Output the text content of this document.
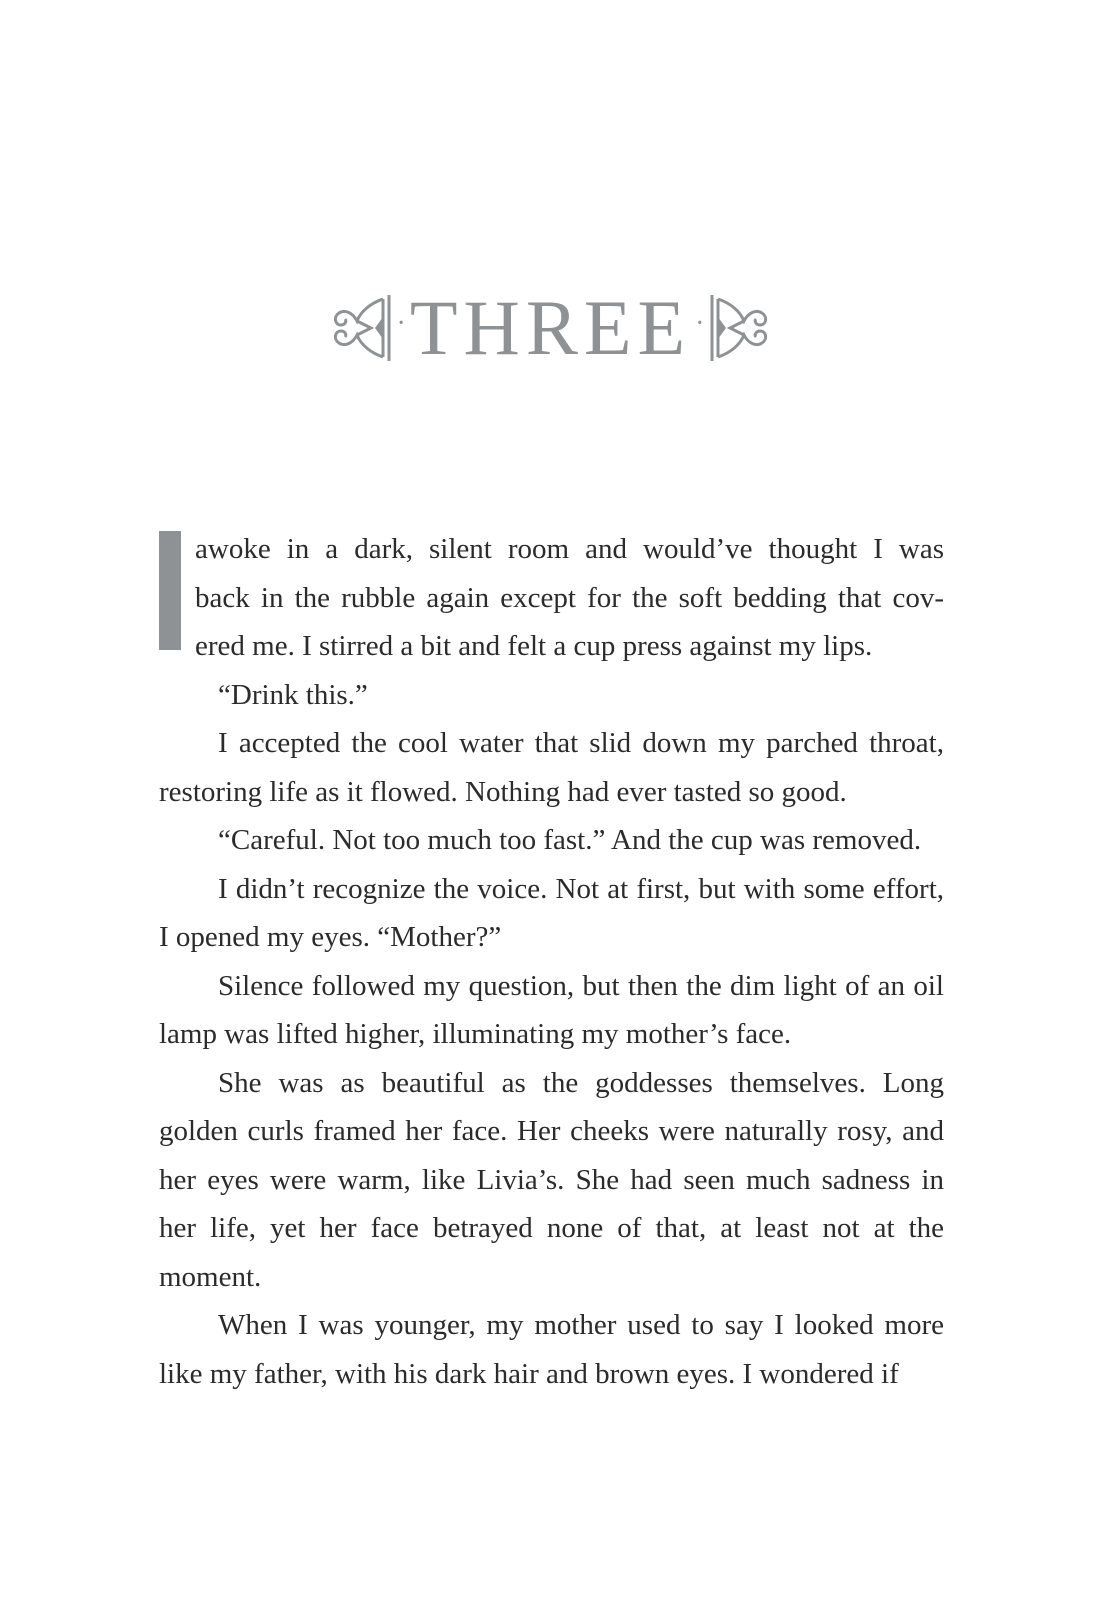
· THREE ·

awoke in a dark, silent room and would’ve thought I was
back in the rubble again except for the soft bedding that cov-
ered me. I stirred a bit and felt a cup press against my lips.

“Drink this.”

I accepted the cool water that slid down my parched throat, restoring life as it flowed. Nothing had ever tasted so good.

“Careful. Not too much too fast.” And the cup was removed.

I didn’t recognize the voice. Not at first, but with some effort, I opened my eyes. “Mother?”

Silence followed my question, but then the dim light of an oil lamp was lifted higher, illuminating my mother’s face.

She was as beautiful as the goddesses themselves. Long golden curls framed her face. Her cheeks were naturally rosy, and her eyes were warm, like Livia’s. She had seen much sadness in her life, yet her face betrayed none of that, at least not at the moment.

When I was younger, my mother used to say I looked more like my father, with his dark hair and brown eyes. I wondered if
